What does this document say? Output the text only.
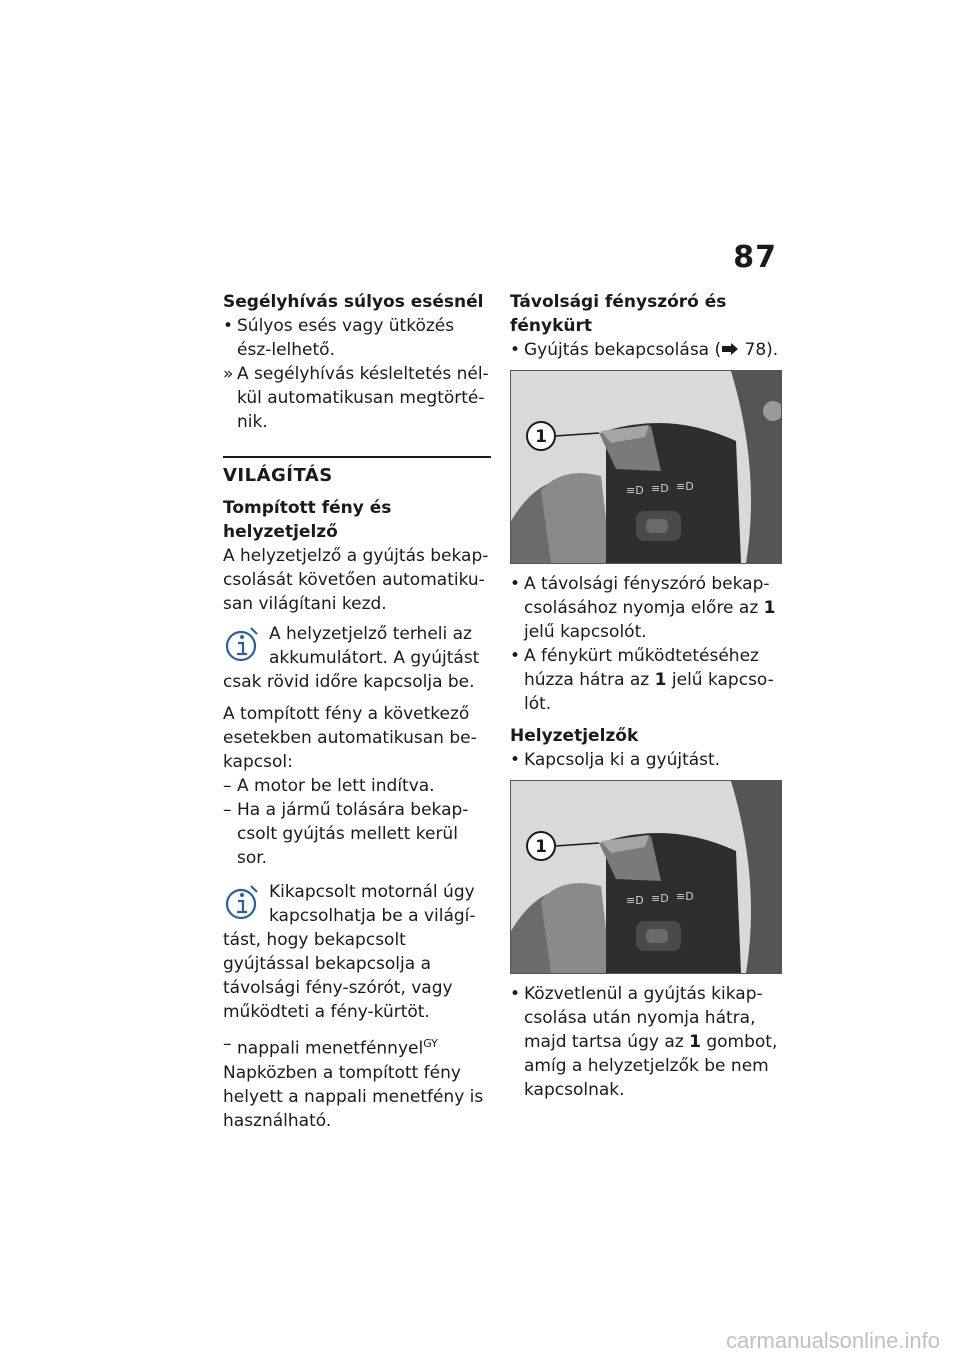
87

Segélyhívás súlyos esésnél

• Súlyos esés vagy ütközés ész-lelhető.
» A segélyhívás késleltetés nél-kül automatikusan megtörté-nik.

VILÁGÍTÁS

Tompított fény és helyzetjelző

A helyzetjelző a gyújtás bekap-csolását követően automatiku-san világítani kezd.

A helyzetjelző terheli az akkumulátort. A gyújtást csak rövid időre kapcsolja be.

A tompított fény a következő esetekben automatikusan be-kapcsol:

– A motor be lett indítva.
– Ha a jármű tolására bekap-csolt gyújtás mellett kerül sor.
Kikapcsolt motornál úgy kapcsolhatja be a világí-tást, hogy bekapcsolt gyújtással bekapcsolja a távolsági fény-szórót, vagy működteti a fény-kürtöt.
– nappali menetfénnyel$^{GY}$

Napközben a tompított fény helyett a nappali menetfény is használható.

Távolsági fényszóró és fénykürt

• Gyújtás bekapcsolása ( 78).
≡D ≡D ≡D
1
• A távolsági fényszóró bekap-csolásához nyomja előre az 1 jelű kapcsolót.
• A fénykürt működtetéséhez húzza hátra az 1 jelű kapcso-lót.

Helyzetjelzők

• Kapcsolja ki a gyújtást.
≡D ≡D ≡D
1
• Közvetlenül a gyújtás kikap-csolása után nyomja hátra, majd tartsa úgy az 1 gombot, amíg a helyzetjelzők be nem kapcsolnak.
carmanualsonline.info
